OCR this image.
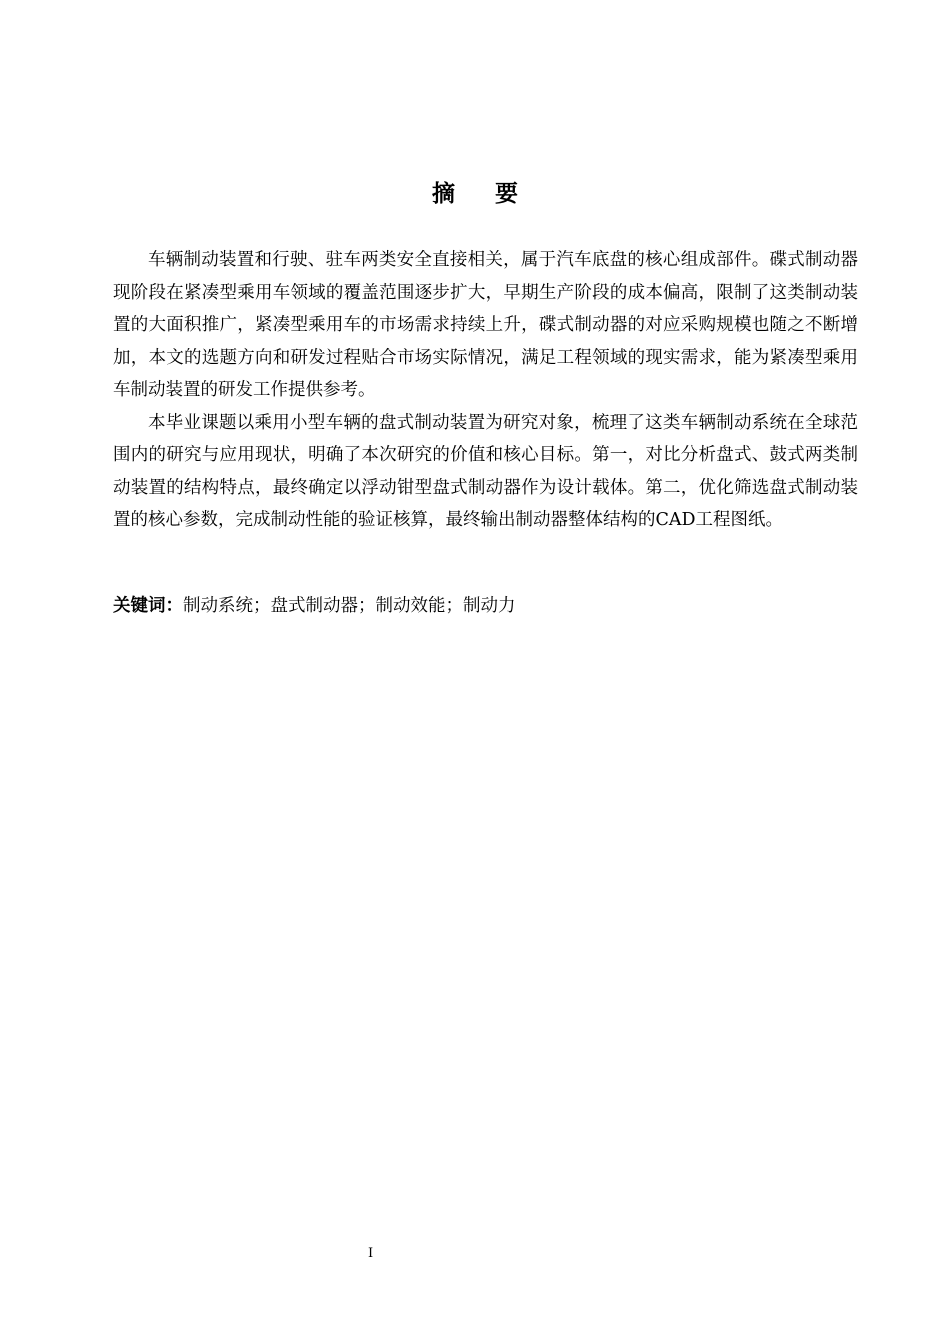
摘 要

车辆制动装置和行驶、驻车两类安全直接相关，属于汽车底盘的核心组成部件。碟式制动器现阶段在紧凑型乘用车领域的覆盖范围逐步扩大，早期生产阶段的成本偏高，限制了这类制动装置的大面积推广，紧凑型乘用车的市场需求持续上升，碟式制动器的对应采购规模也随之不断增加，本文的选题方向和研发过程贴合市场实际情况，满足工程领域的现实需求，能为紧凑型乘用车制动装置的研发工作提供参考。

本毕业课题以乘用小型车辆的盘式制动装置为研究对象，梳理了这类车辆制动系统在全球范围内的研究与应用现状，明确了本次研究的价值和核心目标。第一，对比分析盘式、鼓式两类制动装置的结构特点，最终确定以浮动钳型盘式制动器作为设计载体。第二，优化筛选盘式制动装置的核心参数，完成制动性能的验证核算，最终输出制动器整体结构的CAD工程图纸。

关键词：制动系统；盘式制动器；制动效能；制动力
I
